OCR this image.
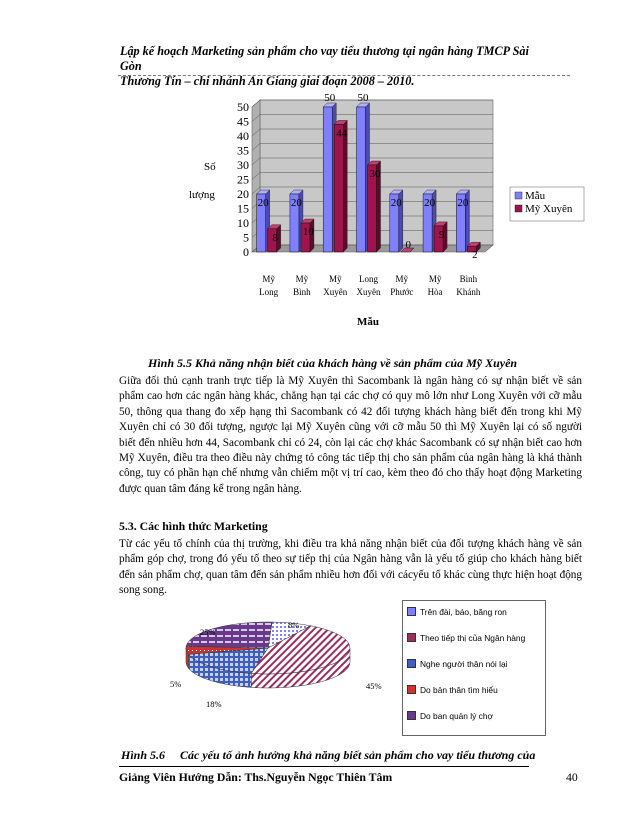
Lập kế hoạch Marketing sản phẩm cho vay tiểu thương tại ngân hàng TMCP Sài Gòn
Thương Tín – chi nhánh An Giang giai đoạn 2008 – 2010.
0
5
10
15
20
25
30
35
40
45
50
20
8
Mỹ
Long
20
10
Mỹ
Bình
50
44
Mỹ
Xuyên
50
30
Long
Xuyên
20
0
Mỹ
Phước
20
9
Mỹ
Hòa
20
2
Bình
Khánh
Số
lượng
Mẫu
Mẫu
Mỹ Xuyên
Hình 5.5 Khả năng nhận biết của khách hàng về sản phẩm của Mỹ Xuyên
Giữa đối thủ cạnh tranh trực tiếp là Mỹ Xuyên thì Sacombank là ngân hàng có sự nhận biết về sản phẩm cao hơn các ngân hàng khác, chẳng hạn tại các chợ có quy mô lớn như Long Xuyên với cỡ mẫu 50, thông qua thang đo xếp hạng thì Sacombank có 42 đối tượng khách hàng biết đến trong khi Mỹ Xuyên chỉ có 30 đối tượng, ngược lại Mỹ Xuyên cũng với cỡ mẫu 50 thì Mỹ Xuyên lại có số người biết đến nhiều hơn 44, Sacombank chỉ có 24, còn lại các chợ khác Sacombank có sự nhận biết cao hơn Mỹ Xuyên, điều tra theo điều này chứng tỏ công tác tiếp thị cho sản phẩm của ngân hàng là khá thành công, tuy có phần hạn chế nhưng vẫn chiếm một vị trí cao, kèm theo đó cho thấy hoạt động Marketing được quan tâm đáng kể trong ngân hàng.
5.3. Các hình thức Marketing
Từ các yếu tố chính của thị trường, khi điều tra khả năng nhận biết của đối tượng khách hàng về sản phẩm góp chợ, trong đó yếu tố theo sự tiếp thị của Ngân hàng vẫn là yếu tố giúp cho khách hàng biết đến sản phẩm chợ, quan tâm đến sản phẩm nhiều hơn đối với cácyếu tố khác cùng thực hiện hoạt động song song.
8%
45%
18%
5%
25%
Trên đài, báo, băng ron
Theo tiếp thị của Ngân hàng
Nghe người thân nói lại
Do bản thân tìm hiểu
Do ban quản lý chợ
Hình 5.6     Các yếu tố ảnh hưởng khả năng biết sản phẩm cho vay tiểu thương của
Giảng Viên Hướng Dẫn: Ths.Nguyễn Ngọc Thiên Tâm	40
